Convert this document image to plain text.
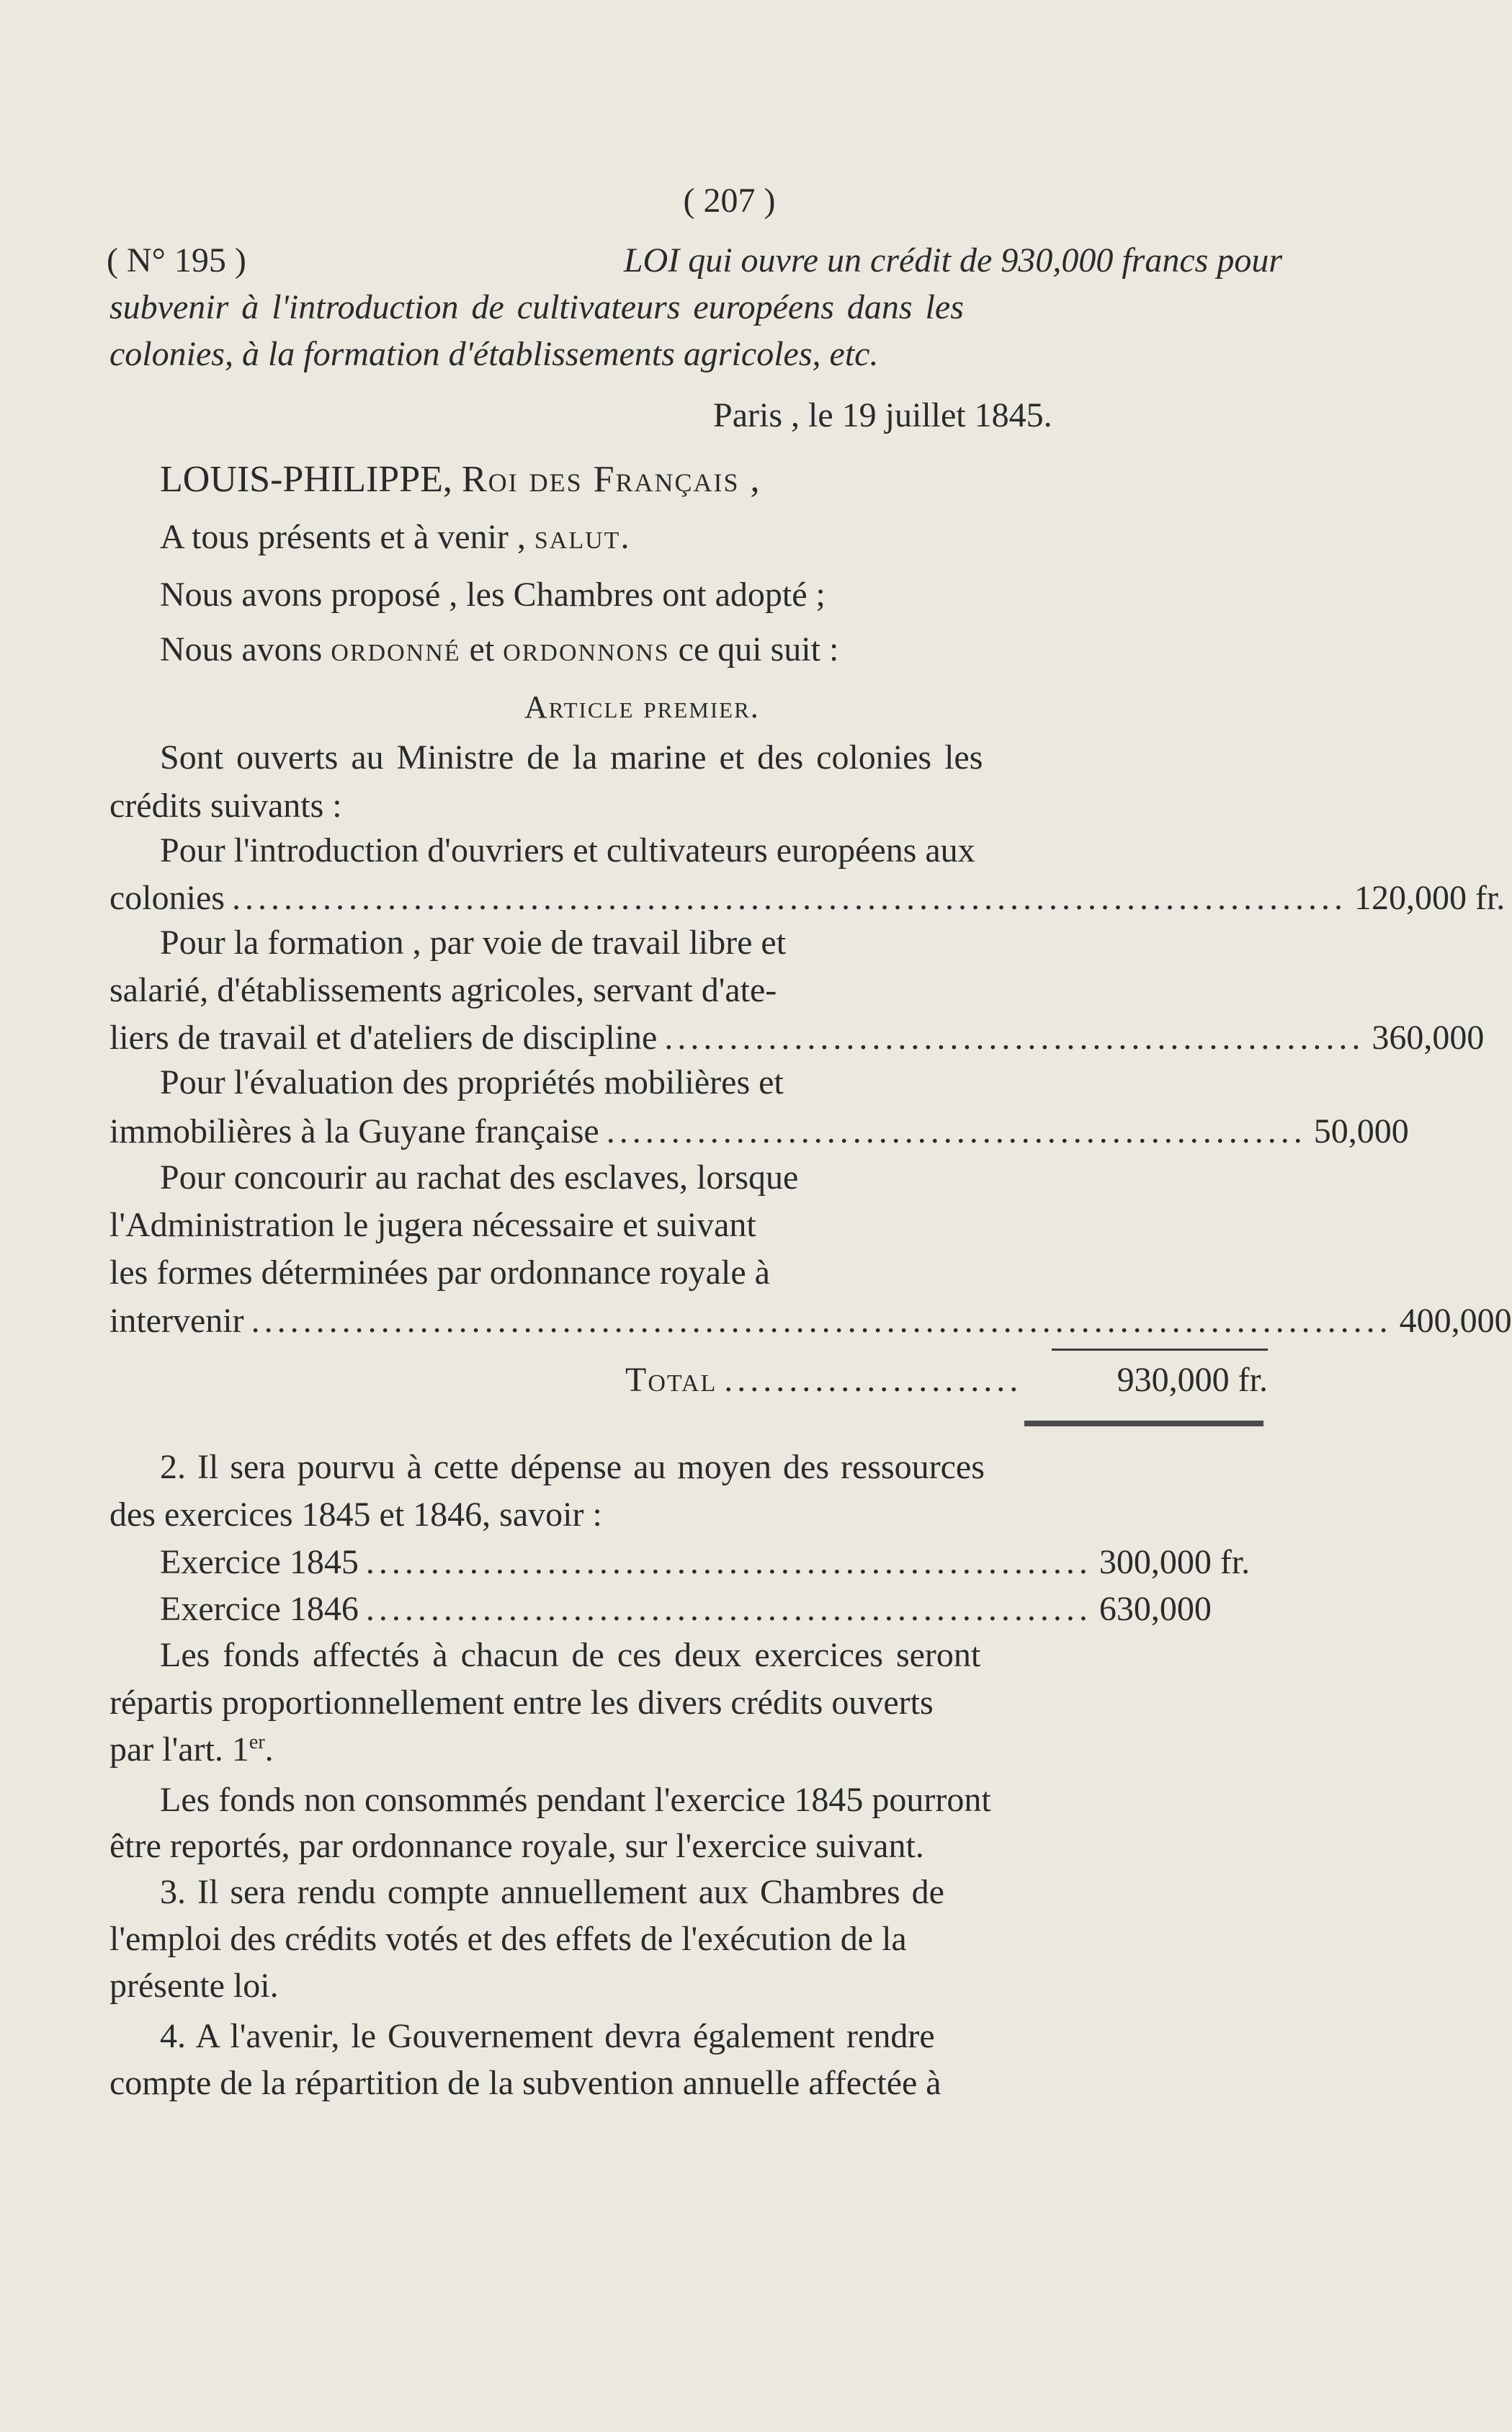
( 207 )
( N° 195 )	LOI qui ouvre un crédit de 930,000 francs pour
subvenir à l'introduction de cultivateurs européens dans les
colonies, à la formation d'établissements agricoles, etc.
Paris , le 19 juillet 1845.
LOUIS-PHILIPPE, Roi des Français ,
A tous présents et à venir , salut.
Nous avons proposé , les Chambres ont adopté ;
Nous avons ordonné et ordonnons ce qui suit :
Article premier.
Sont ouverts au Ministre de la marine et des colonies les
crédits suivants :
Pour l'introduction d'ouvriers et cultivateurs européens aux
colonies ...................................................................................... 120,000 fr.
Pour la formation , par voie de travail libre et
salarié, d'établissements agricoles, servant d'ate-
liers de travail et d'ateliers de discipline ...................................................... 360,000
Pour l'évaluation des propriétés mobilières et
immobilières à la Guyane française ...................................................... 50,000
Pour concourir au rachat des esclaves, lorsque
l'Administration le jugera nécessaire et suivant
les formes déterminées par ordonnance royale à
intervenir ........................................................................................ 400,000
Total .......................	930,000 fr.
2. Il sera pourvu à cette dépense au moyen des ressources
des exercices 1845 et 1846, savoir :
Exercice 1845 ........................................................ 300,000 fr.
Exercice 1846 ........................................................ 630,000
Les fonds affectés à chacun de ces deux exercices seront
répartis proportionnellement entre les divers crédits ouverts
par l'art. 1er.
Les fonds non consommés pendant l'exercice 1845 pourront
être reportés, par ordonnance royale, sur l'exercice suivant.
3. Il sera rendu compte annuellement aux Chambres de
l'emploi des crédits votés et des effets de l'exécution de la
présente loi.
4. A l'avenir, le Gouvernement devra également rendre
compte de la répartition de la subvention annuelle affectée à
